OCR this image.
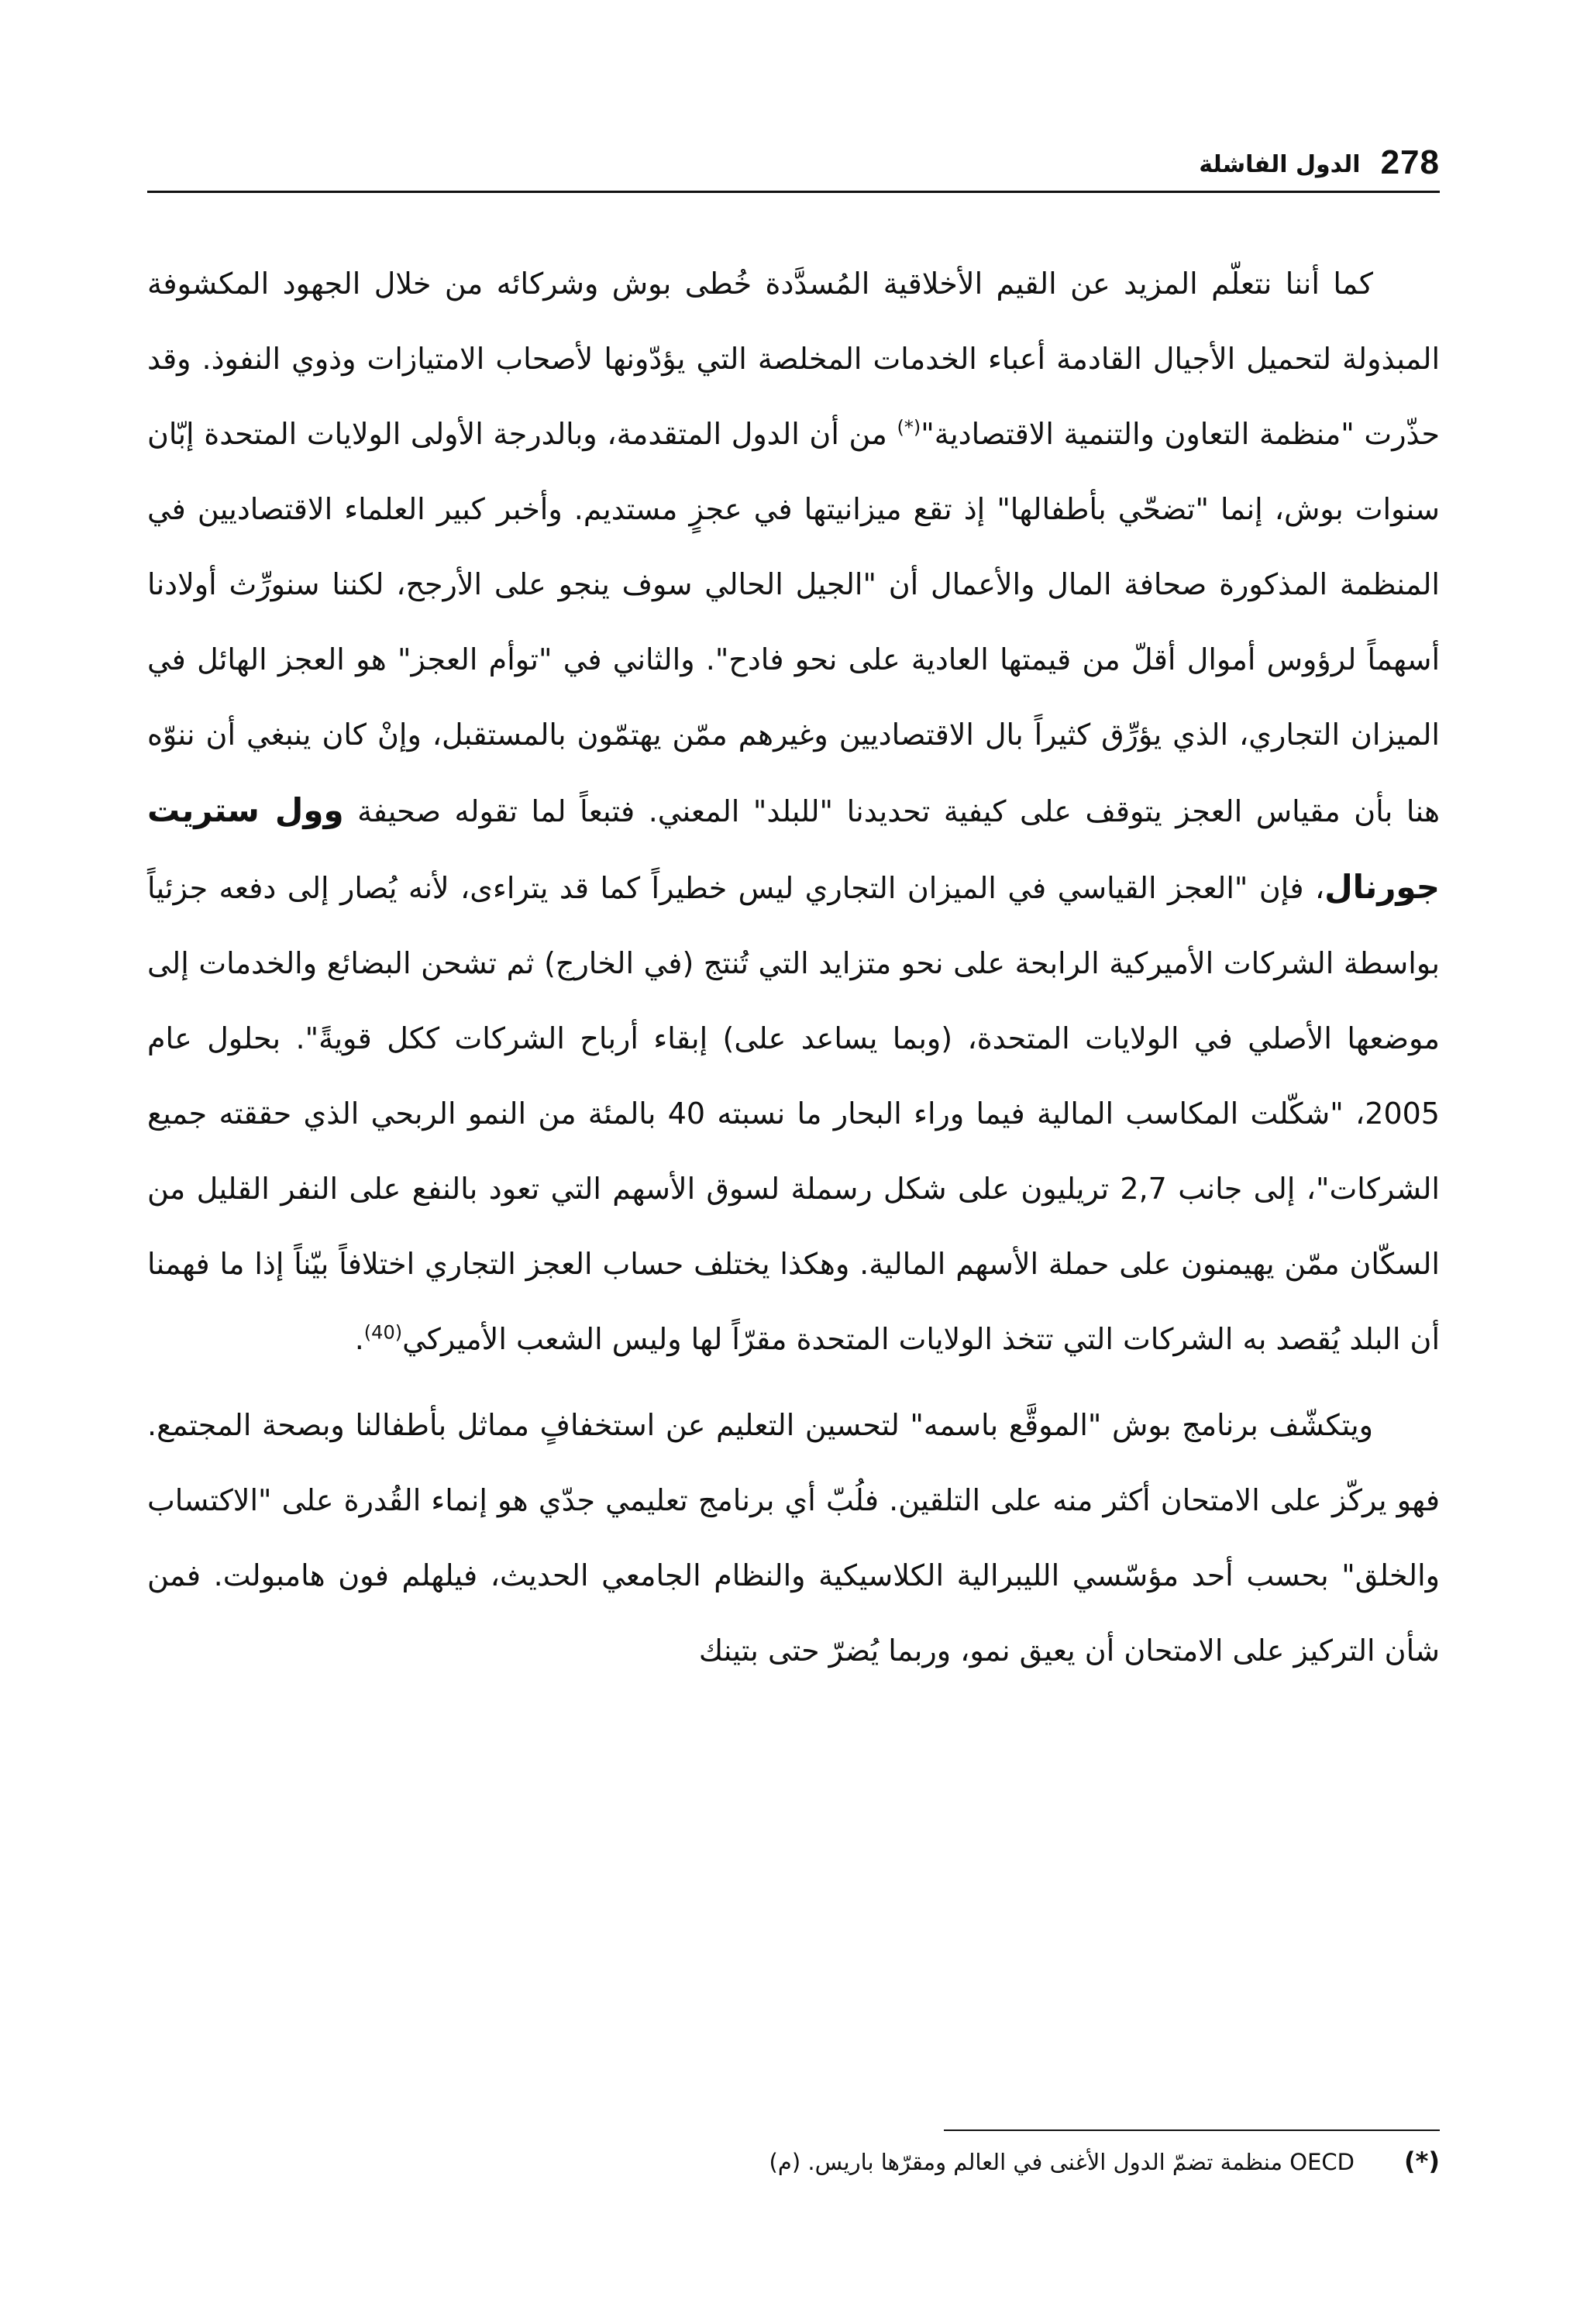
278
الدول الفاشلة

كما أننا نتعلّم المزيد عن القيم الأخلاقية المُسدَّدة خُطى بوش وشركائه من خلال الجهود المكشوفة المبذولة لتحميل الأجيال القادمة أعباء الخدمات المخلصة التي يؤدّونها لأصحاب الامتيازات وذوي النفوذ. وقد حذّرت "منظمة التعاون والتنمية الاقتصادية"(*) من أن الدول المتقدمة، وبالدرجة الأولى الولايات المتحدة إبّان سنوات بوش، إنما "تضحّي بأطفالها" إذ تقع ميزانيتها في عجزٍ مستديم. وأخبر كبير العلماء الاقتصاديين في المنظمة المذكورة صحافة المال والأعمال أن "الجيل الحالي سوف ينجو على الأرجح، لكننا سنورِّث أولادنا أسهماً لرؤوس أموال أقلّ من قيمتها العادية على نحو فادح". والثاني في "توأم العجز" هو العجز الهائل في الميزان التجاري، الذي يؤرِّق كثيراً بال الاقتصاديين وغيرهم ممّن يهتمّون بالمستقبل، وإنْ كان ينبغي أن ننوّه هنا بأن مقياس العجز يتوقف على كيفية تحديدنا "للبلد" المعني. فتبعاً لما تقوله صحيفة وول ستريت جورنال، فإن "العجز القياسي في الميزان التجاري ليس خطيراً كما قد يتراءى، لأنه يُصار إلى دفعه جزئياً بواسطة الشركات الأميركية الرابحة على نحو متزايد التي تُنتج (في الخارج) ثم تشحن البضائع والخدمات إلى موضعها الأصلي في الولايات المتحدة، (وبما يساعد على) إبقاء أرباح الشركات ككل قويةً". بحلول عام 2005، "شكّلت المكاسب المالية فيما وراء البحار ما نسبته 40 بالمئة من النمو الربحي الذي حققته جميع الشركات"، إلى جانب 2,7 تريليون على شكل رسملة لسوق الأسهم التي تعود بالنفع على النفر القليل من السكّان ممّن يهيمنون على حملة الأسهم المالية. وهكذا يختلف حساب العجز التجاري اختلافاً بيّناً إذا ما فهمنا أن البلد يُقصد به الشركات التي تتخذ الولايات المتحدة مقرّاً لها وليس الشعب الأميركي$^{(40)}$.

ويتكشّف برنامج بوش "الموقَّع باسمه" لتحسين التعليم عن استخفافٍ مماثل بأطفالنا وبصحة المجتمع. فهو يركّز على الامتحان أكثر منه على التلقين. فلُبّ أي برنامج تعليمي جدّي هو إنماء القُدرة على "الاكتساب والخلق" بحسب أحد مؤسّسي الليبرالية الكلاسيكية والنظام الجامعي الحديث، فيلهلم فون هامبولت. فمن شأن التركيز على الامتحان أن يعيق نمو، وربما يُضرّ حتى بتينك

(*)
OECD منظمة تضمّ الدول الأغنى في العالم ومقرّها باريس. (م)
